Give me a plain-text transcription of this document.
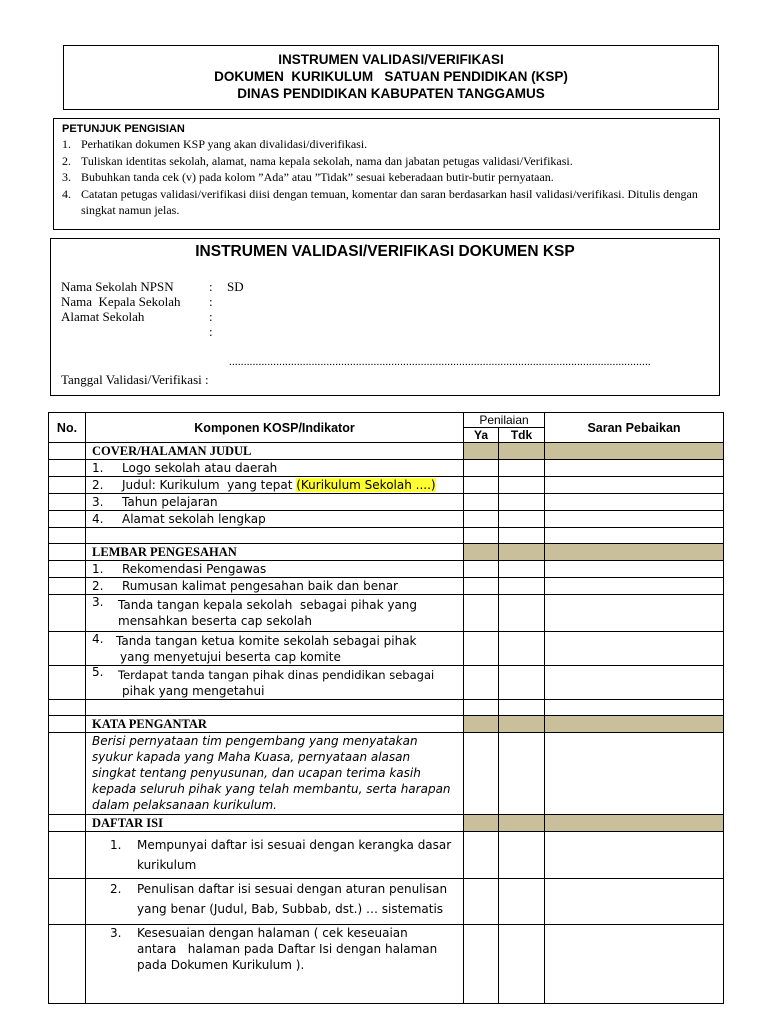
INSTRUMEN VALIDASI/VERIFIKASI
DOKUMEN  KURIKULUM   SATUAN PENDIDIKAN (KSP)
DINAS PENDIDIKAN KABUPATEN TANGGAMUS
PETUNJUK PENGISIAN
1. Perhatikan dokumen KSP yang akan divalidasi/diverifikasi.
2. Tuliskan identitas sekolah, alamat, nama kepala sekolah, nama dan jabatan petugas validasi/Verifikasi.
3. Bubuhkan tanda cek (v) pada kolom ”Ada” atau ”Tidak” sesuai keberadaan butir-butir pernyataan.
4. Catatan petugas validasi/verifikasi diisi dengan temuan, komentar dan saran berdasarkan hasil validasi/verifikasi. Ditulis dengan singkat namun jelas.
INSTRUMEN VALIDASI/VERIFIKASI DOKUMEN KSP
Nama Sekolah NPSN	: SD
Nama  Kepala Sekolah :
Alamat Sekolah	:
:
...............................................................................................................................................
Tanggal Validasi/Verifikasi :
No.	Komponen KOSP/Indikator	Penilaian		Saran Pebaikan
		Ya	Tdk	
	COVER/HALAMAN JUDUL			
	1. Logo sekolah atau daerah			
	2. Judul: Kurikulum  yang tepat (Kurikulum Sekolah ....)			
	3. Tahun pelajaran			
	4. Alamat sekolah lengkap			

	LEMBAR PENGESAHAN			
	1. Rekomendasi Pengawas			
	2. Rumusan kalimat pengesahan baik dan benar			

	3. Tanda tangan kepala sekolah  sebagai pihak yang
mensahkan beserta cap sekolah			

	4. Tanda tangan ketua komite sekolah sebagai pihak
yang menyetujui beserta cap komite			

	5. Terdapat tanda tangan pihak dinas pendidikan sebagai
pihak yang mengetahui			

	KATA PENGANTAR			
	Berisi pernyataan tim pengembang yang menyatakan syukur kapada yang Maha Kuasa, pernyataan alasan singkat tentang penyusunan, dan ucapan terima kasih kepada seluruh pihak yang telah membantu, serta harapan dalam pelaksanaan kurikulum.			
	DAFTAR ISI			

	1. Mempunyai daftar isi sesuai dengan kerangka dasar
kurikulum			

	2. Penulisan daftar isi sesuai dengan aturan penulisan
yang benar (Judul, Bab, Subbab, dst.) … sistematis			

	3. Kesesuaian dengan halaman ( cek keseuaian
antara   halaman pada Daftar Isi dengan halaman
pada Dokumen Kurikulum ).			
